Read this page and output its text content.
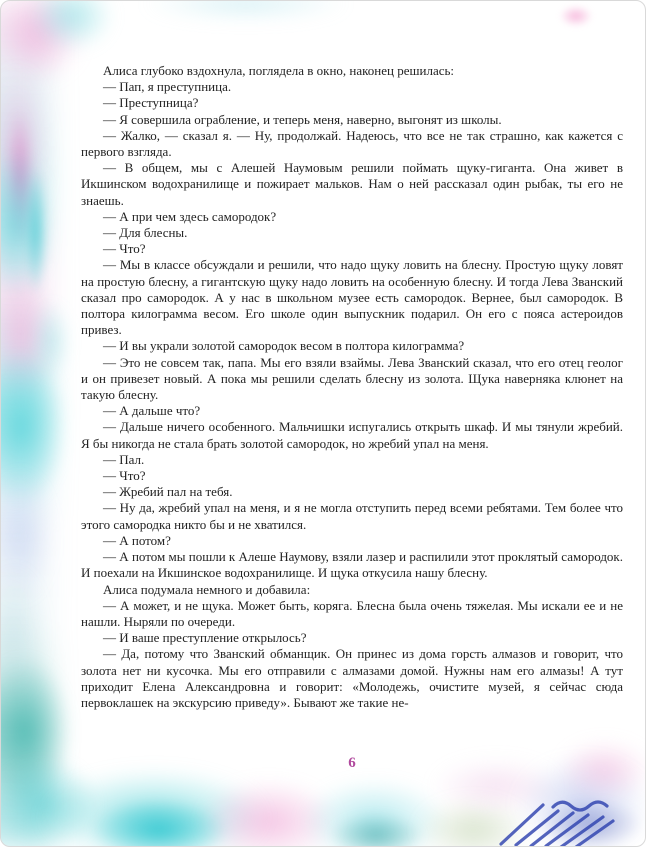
Алиса глубоко вздохнула, поглядела в окно, наконец решилась:

— Пап, я преступница.

— Преступница?

— Я совершила ограбление, и теперь меня, наверно, выгонят из школы.

— Жалко, — сказал я. — Ну, продолжай. Надеюсь, что все не так страшно, как кажется с первого взгляда.

— В общем, мы с Алешей Наумовым решили поймать щуку-гиганта. Она живет в Икшинском водохранилище и пожирает мальков. Нам о ней рассказал один рыбак, ты его не знаешь.

— А при чем здесь самородок?

— Для блесны.

— Что?

— Мы в классе обсуждали и решили, что надо щуку ловить на блесну. Простую щуку ловят на простую блесну, а гигантскую щуку надо ловить на особенную блесну. И тогда Лева Званский сказал про самородок. А у нас в школьном музее есть самородок. Вернее, был самородок. В полтора килограмма весом. Его школе один выпускник подарил. Он его с пояса астероидов привез.

— И вы украли золотой самородок весом в полтора килограмма?

— Это не совсем так, папа. Мы его взяли взаймы. Лева Званский сказал, что его отец геолог и он привезет новый. А пока мы решили сделать блесну из золота. Щука наверняка клюнет на такую блесну.

— А дальше что?

— Дальше ничего особенного. Мальчишки испугались открыть шкаф. И мы тянули жребий. Я бы никогда не стала брать золотой самородок, но жребий упал на меня.

— Пал.

— Что?

— Жребий пал на тебя.

— Ну да, жребий упал на меня, и я не могла отступить перед всеми ребятами. Тем более что этого самородка никто бы и не хватился.

— А потом?

— А потом мы пошли к Алеше Наумову, взяли лазер и распилили этот проклятый самородок. И поехали на Икшинское водохранилище. И щука откусила нашу блесну.

Алиса подумала немного и добавила:

— А может, и не щука. Может быть, коряга. Блесна была очень тяжелая. Мы искали ее и не нашли. Ныряли по очереди.

— И ваше преступление открылось?

— Да, потому что Званский обманщик. Он принес из дома горсть алмазов и говорит, что золота нет ни кусочка. Мы его отправили с алмазами домой. Нужны нам его алмазы! А тут приходит Елена Александровна и говорит: «Молодежь, очистите музей, я сейчас сюда первоклашек на экскурсию приведу». Бывают же такие не-

6
